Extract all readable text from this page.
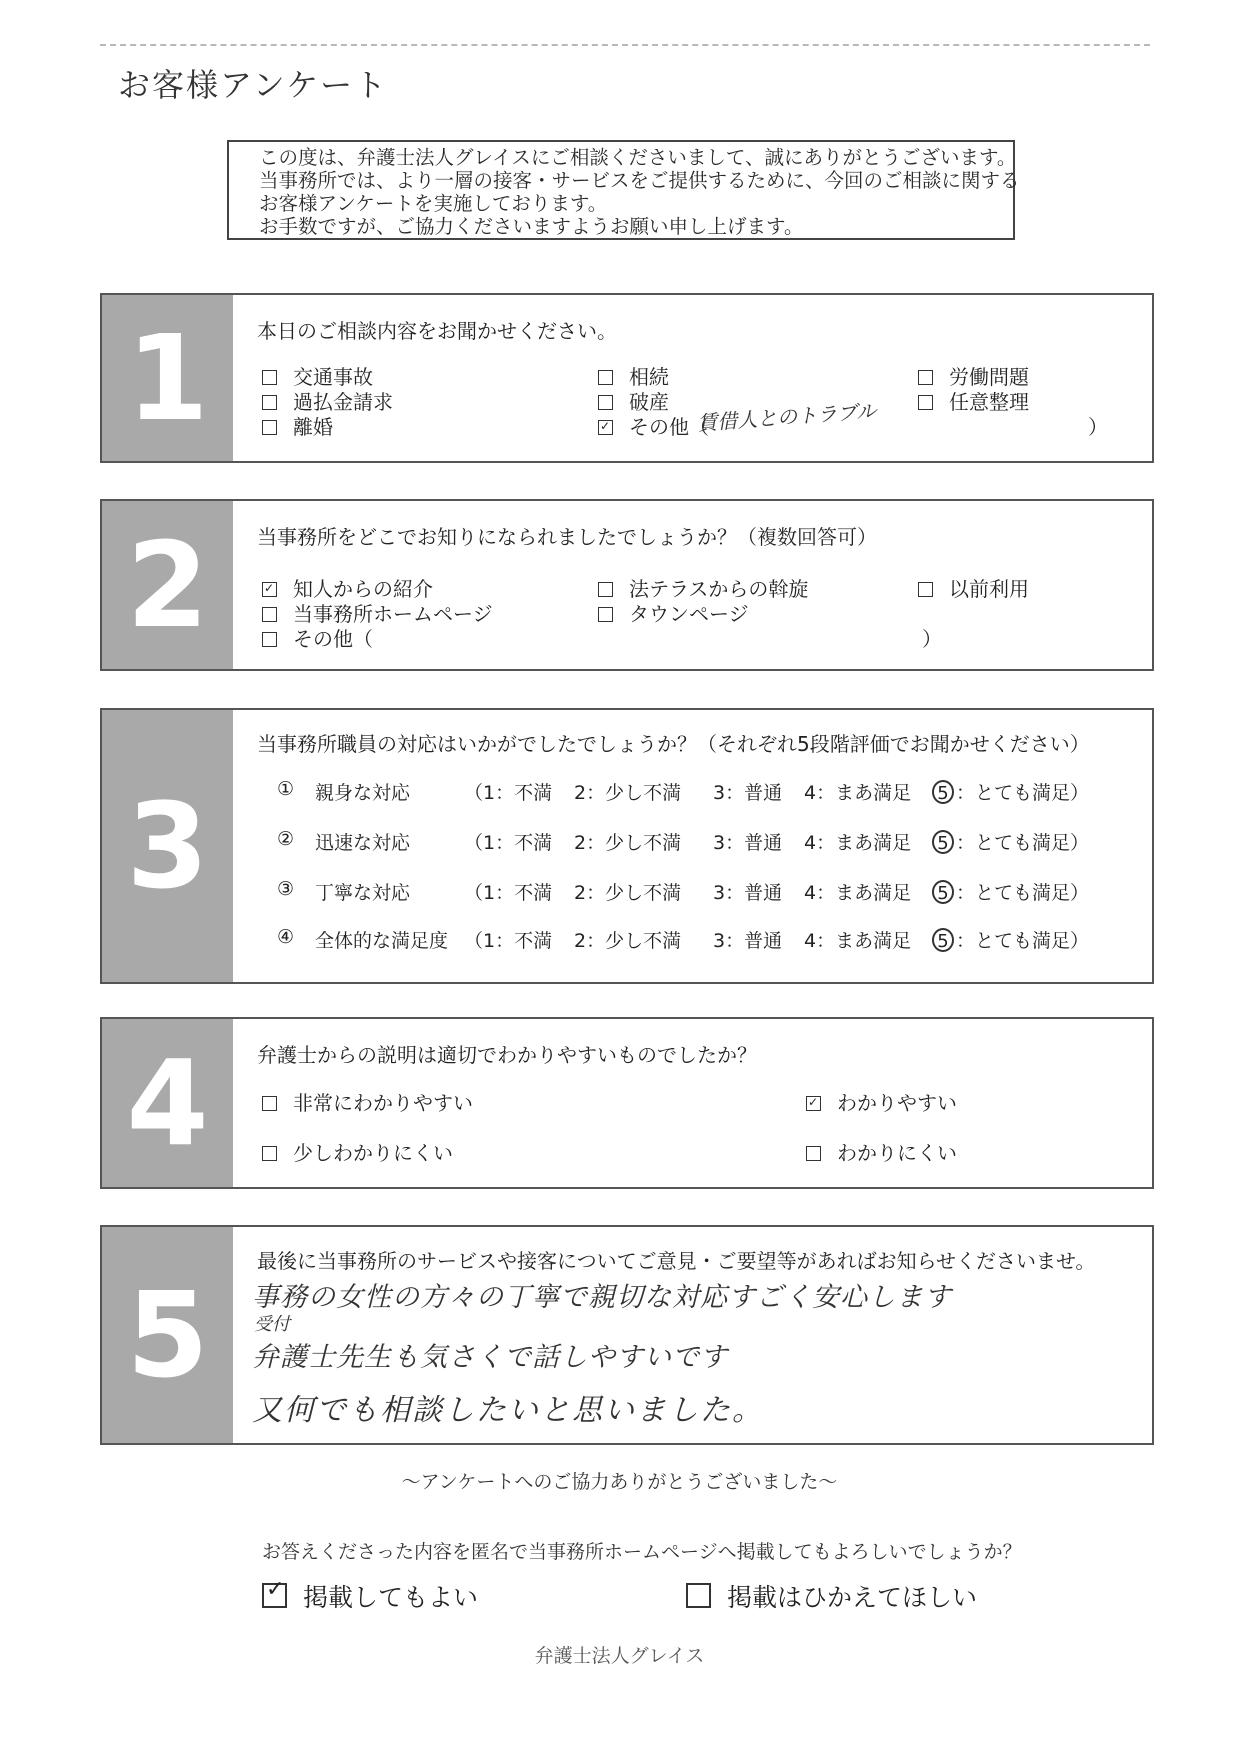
お客様アンケート
この度は、弁護士法人グレイスにご相談くださいまして、誠にありがとうございます。
当事務所では、より一層の接客・サービスをご提供するために、今回のご相談に関する
お客様アンケートを実施しております。
お手数ですが、ご協力くださいますようお願い申し上げます。
1 本日のご相談内容をお聞かせください。
交通事故
過払金請求
離婚
相続
破産
✓その他（
賃借人とのトラブル	）
労働問題
任意整理
2 当事務所をどこでお知りになられましたでしょうか？（複数回答可）
✓知人からの紹介
当事務所ホームページ
その他（	）
法テラスからの斡旋
タウンページ
以前利用
3
当事務所職員の対応はいかがでしたでしょうか？（それぞれ5段階評価でお聞かせください）
① 親身な対応	（1：不満 2：少し不満 3：普通 4：まあ満足 5 ：とても満足）
② 迅速な対応	（1：不満 2：少し不満 3：普通 4：まあ満足 5 ：とても満足）
③ 丁寧な対応	（1：不満 2：少し不満 3：普通 4：まあ満足 5 ：とても満足）
④ 全体的な満足度 （1：不満 2：少し不満 3：普通 4：まあ満足 5 ：とても満足）
4 弁護士からの説明は適切でわかりやすいものでしたか？
非常にわかりやすい
少しわかりにくい
✓わかりやすい
わかりにくい
5
最後に当事務所のサービスや接客についてご意見・ご要望等があればお知らせくださいませ。
事務の女性の方々の丁寧で親切な対応すごく安心します
受付
弁護士先生も気さくで話しやすいです
又何でも相談したいと思いました。
～アンケートへのご協力ありがとうございました～
お答えくださった内容を匿名で当事務所ホームページへ掲載してもよろしいでしょうか？
✓掲載してもよい	掲載はひかえてほしい
弁護士法人グレイス
